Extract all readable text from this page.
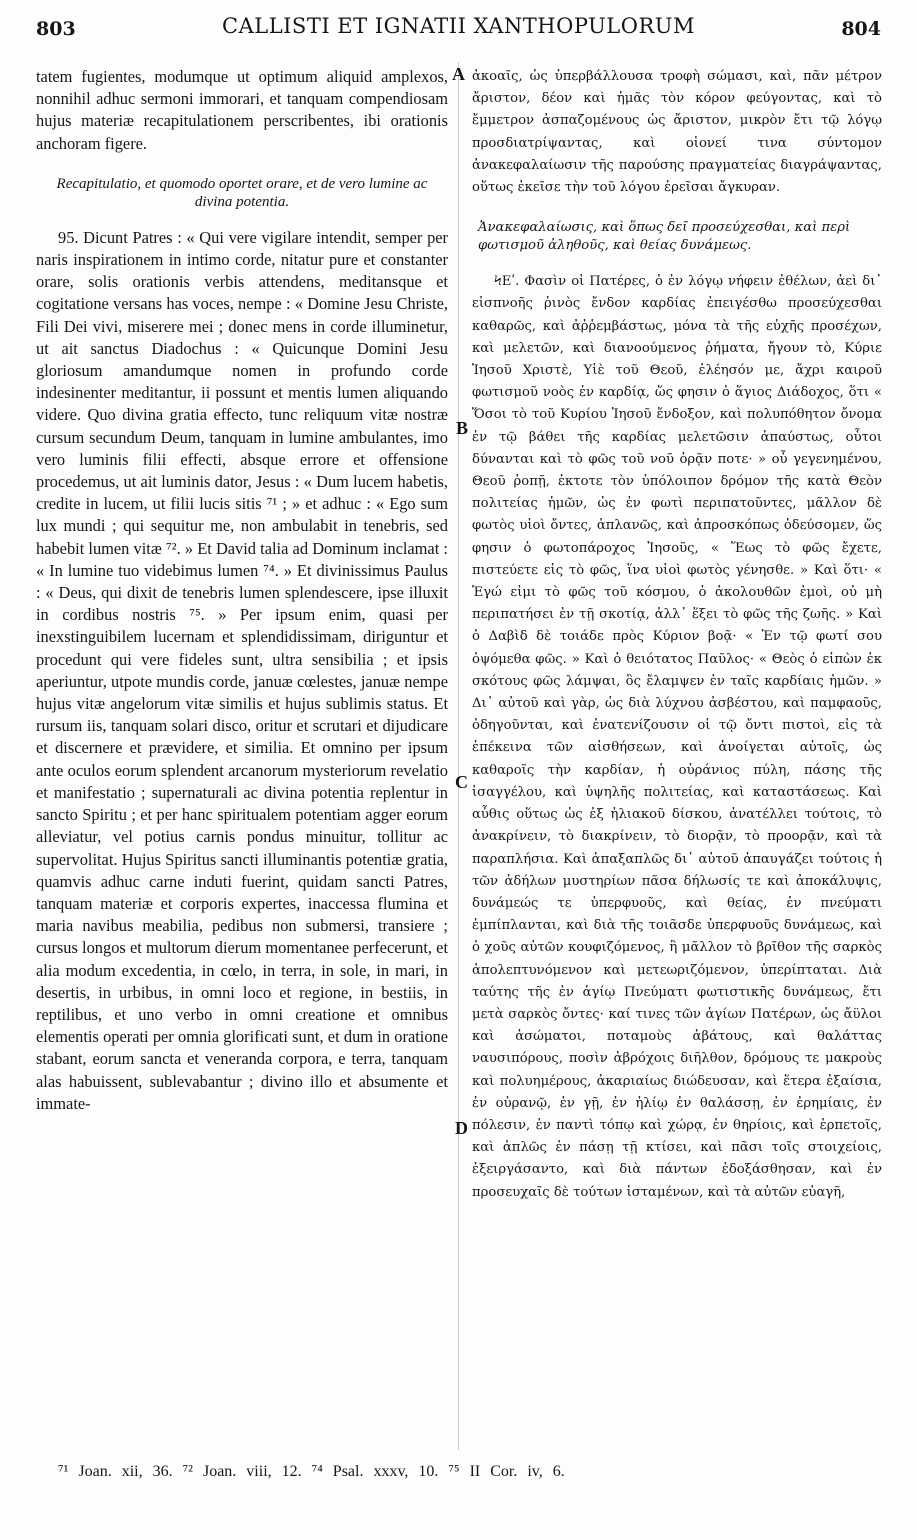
803	CALLISTI ET IGNATII XANTHOPULORUM	804

tatem fugientes, modumque ut optimum aliquid amplexos, nonnihil adhuc sermoni immorari, et tanquam compendiosam hujus materiæ recapitulationem perscribentes, ibi orationis anchoram figere.

Recapitulatio, et quomodo oportet orare, et de vero lumine ac divina potentia.

95. Dicunt Patres : « Qui vere vigilare intendit, semper per naris inspirationem in intimo corde, nitatur pure et constanter orare, solis orationis verbis attendens, meditansque et cogitatione versans has voces, nempe : « Domine Jesu Christe, Fili Dei vivi, miserere mei ; donec mens in corde illuminetur, ut ait sanctus Diadochus : « Quicunque Domini Jesu gloriosum amandumque nomen in profundo corde indesinenter meditantur, ii possunt et mentis lumen aliquando videre. Quo divina gratia effecto, tunc reliquum vitæ nostræ cursum secundum Deum, tanquam in lumine ambulantes, imo vero luminis filii effecti, absque errore et offensione procedemus, ut ait luminis dator, Jesus : « Dum lucem habetis, credite in lucem, ut filii lucis sitis ⁷¹ ; » et adhuc : « Ego sum lux mundi ; qui sequitur me, non ambulabit in tenebris, sed habebit lumen vitæ ⁷². » Et David talia ad Dominum inclamat : « In lumine tuo videbimus lumen ⁷⁴. » Et divinissimus Paulus : « Deus, qui dixit de tenebris lumen splendescere, ipse illuxit in cordibus nostris ⁷⁵. » Per ipsum enim, quasi per inexstinguibilem lucernam et splendidissimam, diriguntur et procedunt qui vere fideles sunt, ultra sensibilia ; et ipsis aperiuntur, utpote mundis corde, januæ cœlestes, januæ nempe hujus vitæ angelorum vitæ similis et hujus sublimis status. Et rursum iis, tanquam solari disco, oritur et scrutari et dijudicare et discernere et prævidere, et similia. Et omnino per ipsum ante oculos eorum splendent arcanorum mysteriorum revelatio et manifestatio ; supernaturali ac divina potentia replentur in sancto Spiritu ; et per hanc spiritualem potentiam agger eorum alleviatur, vel potius carnis pondus minuitur, tollitur ac supervolitat. Hujus Spiritus sancti illuminantis potentiæ gratia, quamvis adhuc carne induti fuerint, quidam sancti Patres, tanquam materiæ et corporis expertes, inaccessa flumina et maria navibus meabilia, pedibus non submersi, transiere ; cursus longos et multorum dierum momentanee perfecerunt, et alia modum excedentia, in cœlo, in terra, in sole, in mari, in desertis, in urbibus, in omni loco et regione, in bestiis, in reptilibus, et uno verbo in omni creatione et omnibus elementis operati per omnia glorificati sunt, et dum in oratione stabant, eorum sancta et veneranda corpora, e terra, tanquam alas habuissent, sublevabantur ; divino illo et absumente et immate-

ἀκοαῖς, ὡς ὑπερβάλλουσα τροφὴ σώμασι, καὶ, πᾶν μέτρον ἄριστον, δέον καὶ ἡμᾶς τὸν κόρον φεύγοντας, καὶ τὸ ἔμμετρον ἀσπαζομένους ὡς ἄριστον, μικρὸν ἔτι τῷ λόγῳ προσδιατρίψαντας, καὶ οἱονεί τινα σύντομον ἀνακεφαλαίωσιν τῆς παρούσης πραγματείας διαγράψαντας, οὕτως ἐκεῖσε τὴν τοῦ λόγου ἐρεῖσαι ἄγκυραν.

Ἀνακεφαλαίωσις, καὶ ὅπως δεῖ προσεύχεσθαι, καὶ περὶ φωτισμοῦ ἀληθοῦς, καὶ θείας δυνάμεως.

ϞΕʹ. Φασὶν οἱ Πατέρες, ὁ ἐν λόγῳ νήφειν ἐθέλων, ἀεὶ δι᾽ εἰσπνοῆς ῥινὸς ἔνδον καρδίας ἐπειγέσθω προσεύχεσθαι καθαρῶς, καὶ ἀῤῥεμβάστως, μόνα τὰ τῆς εὐχῆς προσέχων, καὶ μελετῶν, καὶ διανοούμενος ῥήματα, ἤγουν τὸ, Κύριε Ἰησοῦ Χριστὲ, Υἱὲ τοῦ Θεοῦ, ἐλέησόν με, ἄχρι καιροῦ φωτισμοῦ νοὸς ἐν καρδίᾳ, ὥς φησιν ὁ ἅγιος Διάδοχος, ὅτι « Ὅσοι τὸ τοῦ Κυρίου Ἰησοῦ ἔνδοξον, καὶ πολυπόθητον ὄνομα ἐν τῷ βάθει τῆς καρδίας μελετῶσιν ἀπαύστως, οὗτοι δύνανται καὶ τὸ φῶς τοῦ νοῦ ὁρᾷν ποτε· » οὗ γεγενημένου, Θεοῦ ῥοπῇ, ἐκτοτε τὸν ὑπόλοιπον δρόμον τῆς κατὰ Θεὸν πολιτείας ἡμῶν, ὡς ἐν φωτὶ περιπατοῦντες, μᾶλλον δὲ φωτὸς υἱοὶ ὄντες, ἀπλανῶς, καὶ ἀπροσκόπως ὁδεύσομεν, ὥς φησιν ὁ φωτοπάροχος Ἰησοῦς, « Ἕως τὸ φῶς ἔχετε, πιστεύετε εἰς τὸ φῶς, ἵνα υἱοὶ φωτὸς γένησθε. » Καὶ ὅτι· « Ἐγώ εἰμι τὸ φῶς τοῦ κόσμου, ὁ ἀκολουθῶν ἐμοὶ, οὐ μὴ περιπατήσει ἐν τῇ σκοτίᾳ, ἀλλ᾽ ἕξει τὸ φῶς τῆς ζωῆς. » Καὶ ὁ Δαβὶδ δὲ τοιάδε πρὸς Κύριον βοᾷ· « Ἐν τῷ φωτί σου ὀψόμεθα φῶς. » Καὶ ὁ θειότατος Παῦλος· « Θεὸς ὁ εἰπὼν ἐκ σκότους φῶς λάμψαι, ὃς ἔλαμψεν ἐν ταῖς καρδίαις ἡμῶν. » Δι᾽ αὐτοῦ καὶ γὰρ, ὡς διὰ λύχνου ἀσβέστου, καὶ παμφαοῦς, ὁδηγοῦνται, καὶ ἐνατενίζουσιν οἱ τῷ ὄντι πιστοὶ, εἰς τὰ ἐπέκεινα τῶν αἰσθήσεων, καὶ ἀνοίγεται αὐτοῖς, ὡς καθαροῖς τὴν καρδίαν, ἡ οὐράνιος πύλη, πάσης τῆς ἰσαγγέλου, καὶ ὑψηλῆς πολιτείας, καὶ καταστάσεως. Καὶ αὖθις οὕτως ὡς ἐξ ἡλιακοῦ δίσκου, ἀνατέλλει τούτοις, τὸ ἀνακρίνειν, τὸ διακρίνειν, τὸ διορᾷν, τὸ προορᾷν, καὶ τὰ παραπλήσια. Καὶ ἁπαξαπλῶς δι᾽ αὐτοῦ ἀπαυγάζει τούτοις ἡ τῶν ἀδήλων μυστηρίων πᾶσα δήλωσίς τε καὶ ἀποκάλυψις, δυνάμεώς τε ὑπερφυοῦς, καὶ θείας, ἐν πνεύματι ἐμπίπλανται, καὶ διὰ τῆς τοιᾶσδε ὑπερφυοῦς δυνάμεως, καὶ ὁ χοῦς αὐτῶν κουφιζόμενος, ἢ μᾶλλον τὸ βρῖθον τῆς σαρκὸς ἀπολεπτυνόμενον καὶ μετεωριζόμενον, ὑπερίπταται. Διὰ ταύτης τῆς ἐν ἁγίῳ Πνεύματι φωτιστικῆς δυνάμεως, ἔτι μετὰ σαρκὸς ὄντες· καί τινες τῶν ἁγίων Πατέρων, ὡς ἄϋλοι καὶ ἀσώματοι, ποταμοὺς ἀβάτους, καὶ θαλάττας ναυσιπόρους, ποσὶν ἀβρόχοις διῆλθον, δρόμους τε μακροὺς καὶ πολυημέρους, ἀκαριαίως διώδευσαν, καὶ ἕτερα ἐξαίσια, ἐν οὐρανῷ, ἐν γῇ, ἐν ἡλίῳ ἐν θαλάσσῃ, ἐν ἐρημίαις, ἐν πόλεσιν, ἐν παντὶ τόπῳ καὶ χώρᾳ, ἐν θηρίοις, καὶ ἑρπετοῖς, καὶ ἁπλῶς ἐν πάσῃ τῇ κτίσει, καὶ πᾶσι τοῖς στοιχείοις, ἐξειργάσαντο, καὶ διὰ πάντων ἐδοξάσθησαν, καὶ ἐν προσευχαῖς δὲ τούτων ἱσταμένων, καὶ τὰ αὐτῶν εὐαγῆ,

A
B
C
D
⁷¹ Joan. xii, 36. ⁷² Joan. viii, 12. ⁷⁴ Psal. xxxv, 10. ⁷⁵ II Cor. iv, 6.
